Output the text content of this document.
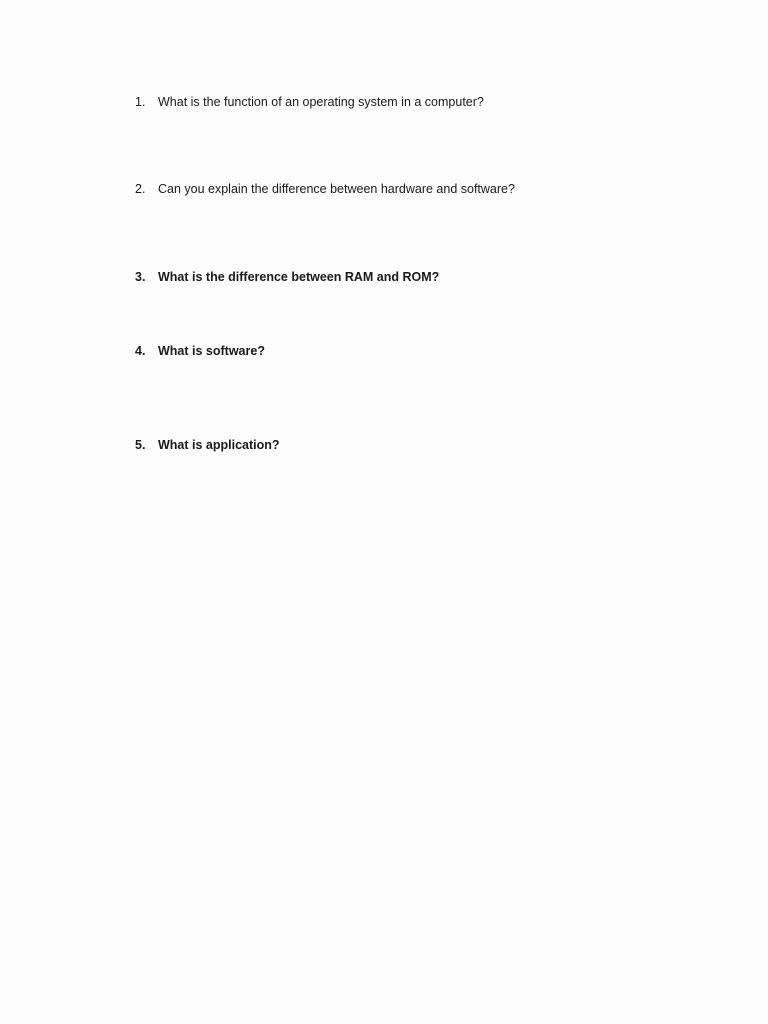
1. What is the function of an operating system in a computer?
2. Can you explain the difference between hardware and software?
3. What is the difference between RAM and ROM?
4. What is software?
5. What is application?
